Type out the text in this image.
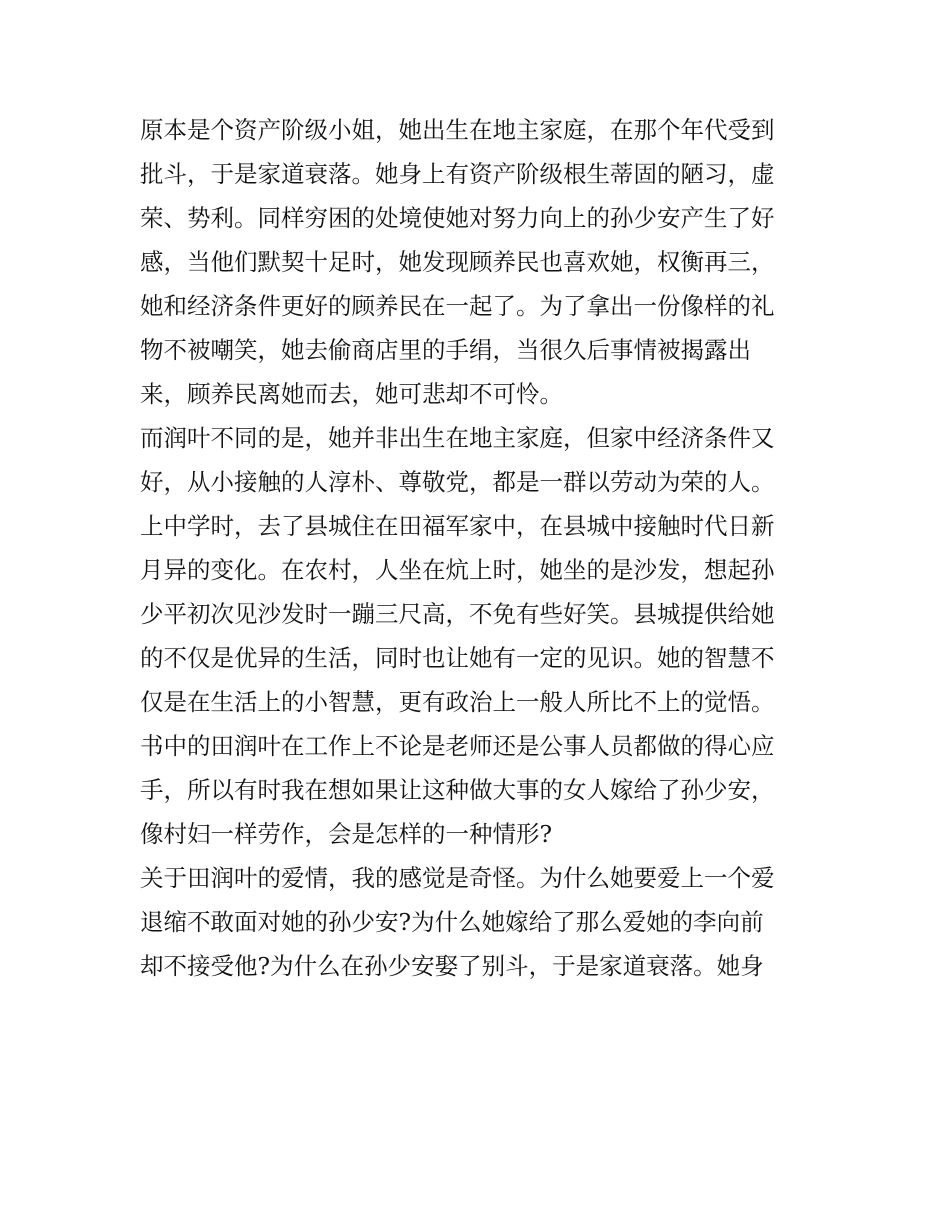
原本是个资产阶级小姐，她出生在地主家庭，在那个年代受到
批斗，于是家道衰落。她身上有资产阶级根生蒂固的陋习，虚
荣、势利。同样穷困的处境使她对努力向上的孙少安产生了好
感，当他们默契十足时，她发现顾养民也喜欢她，权衡再三，
她和经济条件更好的顾养民在一起了。为了拿出一份像样的礼
物不被嘲笑，她去偷商店里的手绢，当很久后事情被揭露出
来，顾养民离她而去，她可悲却不可怜。
而润叶不同的是，她并非出生在地主家庭，但家中经济条件又
好，从小接触的人淳朴、尊敬党，都是一群以劳动为荣的人。
上中学时，去了县城住在田福军家中，在县城中接触时代日新
月异的变化。在农村，人坐在炕上时，她坐的是沙发，想起孙
少平初次见沙发时一蹦三尺高，不免有些好笑。县城提供给她
的不仅是优异的生活，同时也让她有一定的见识。她的智慧不
仅是在生活上的小智慧，更有政治上一般人所比不上的觉悟。
书中的田润叶在工作上不论是老师还是公事人员都做的得心应
手，所以有时我在想如果让这种做大事的女人嫁给了孙少安，
像村妇一样劳作，会是怎样的一种情形?
关于田润叶的爱情，我的感觉是奇怪。为什么她要爱上一个爱
退缩不敢面对她的孙少安?为什么她嫁给了那么爱她的李向前
却不接受他?为什么在孙少安娶了别斗，于是家道衰落。她身
